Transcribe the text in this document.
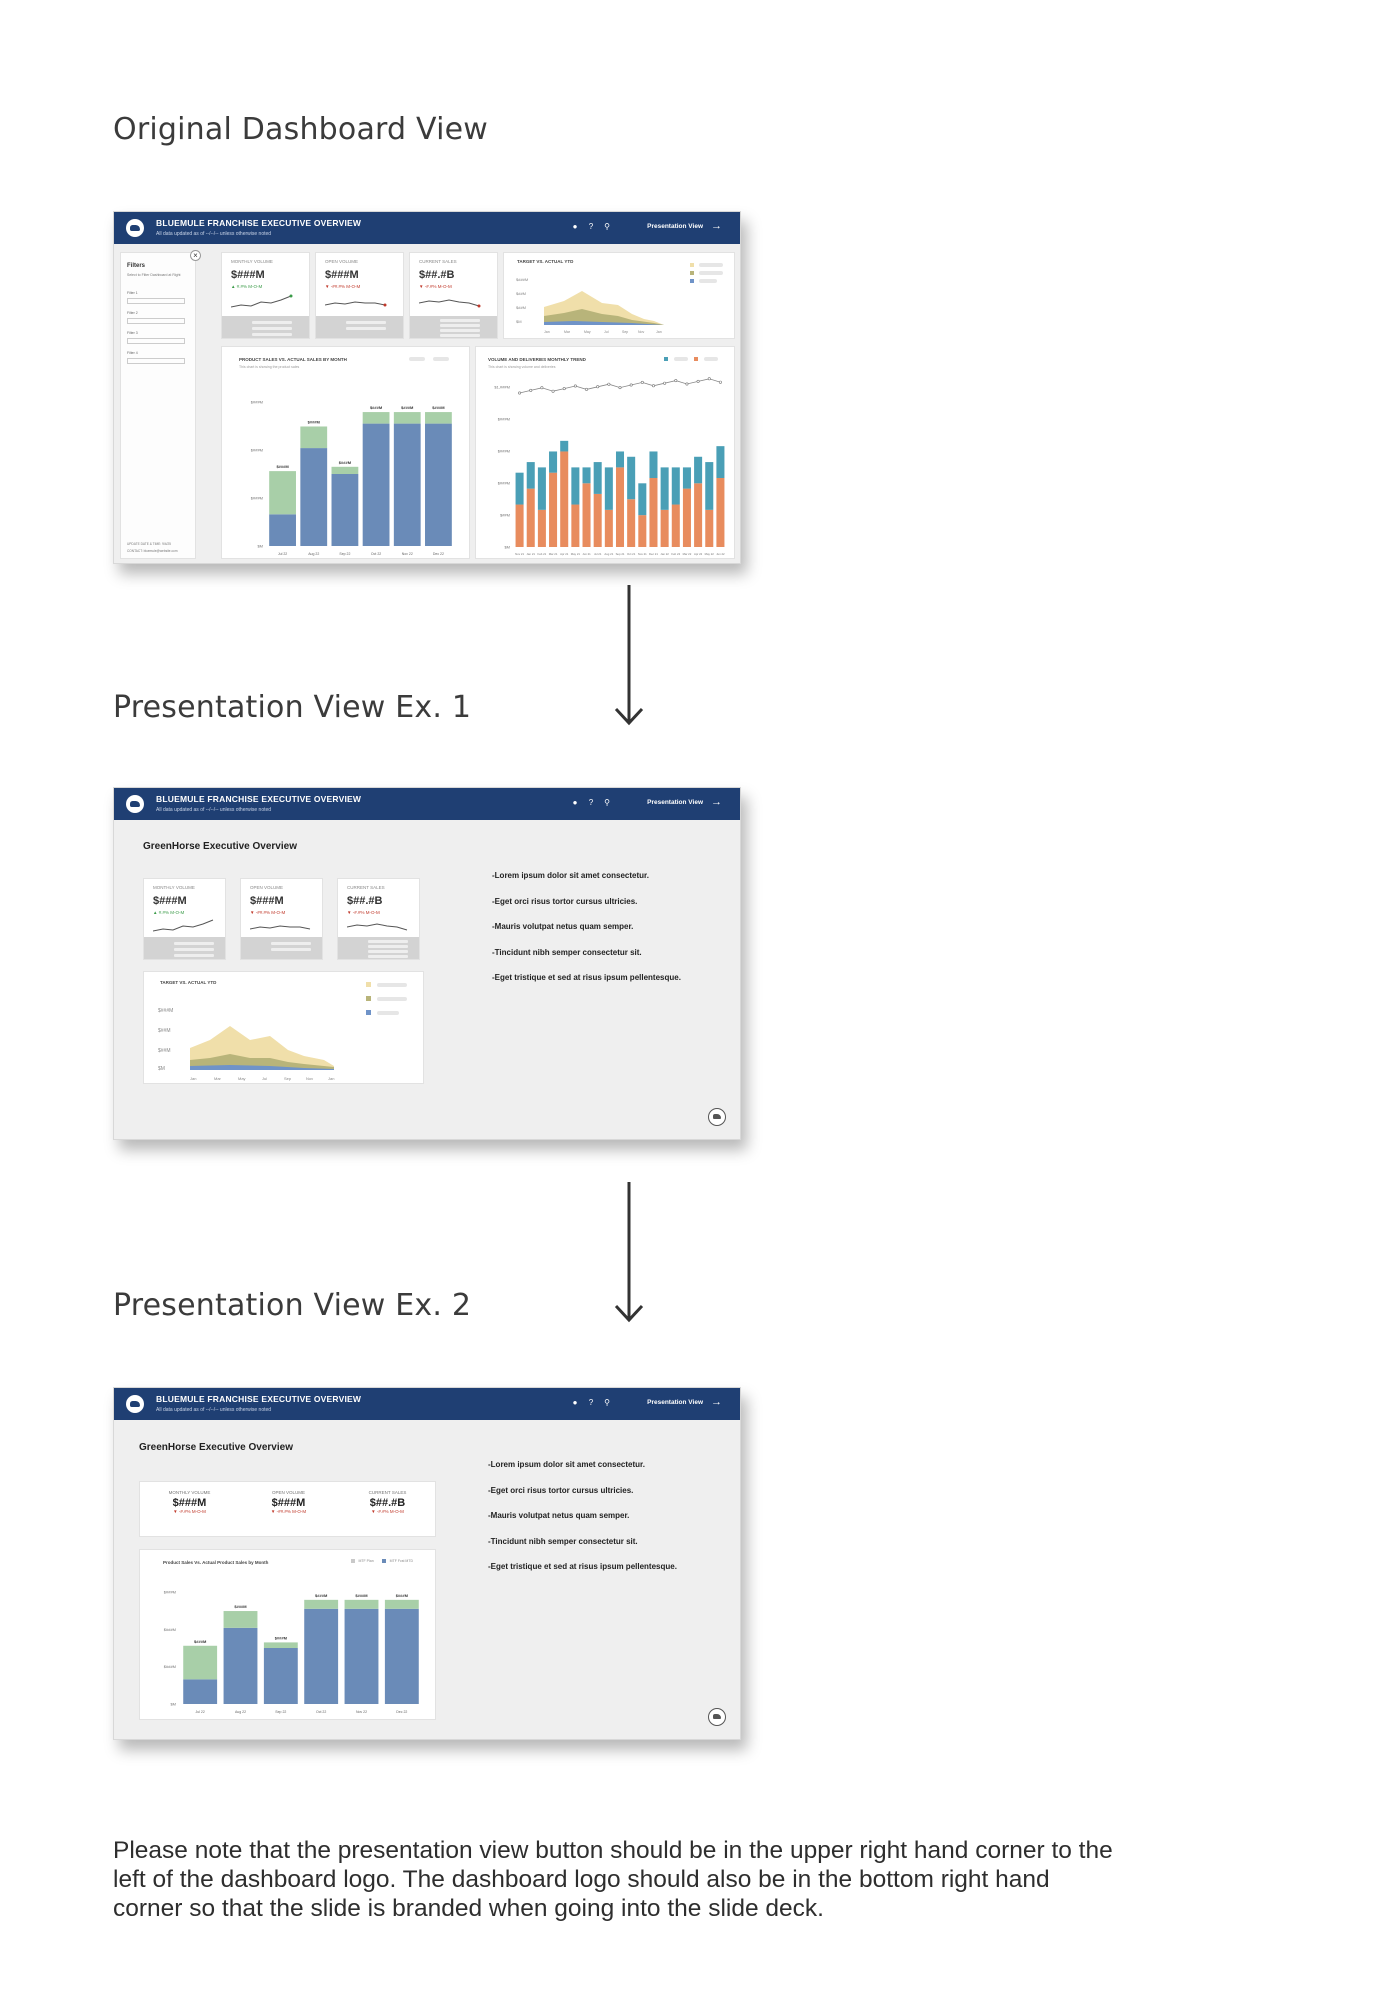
Original Dashboard View
Presentation View Ex. 1
Presentation View Ex. 2
BLUEMULE FRANCHISE EXECUTIVE OVERVIEW
All data updated as of --/--/-- unless otherwise noted
●	?	⚲	Presentation View →
×
Filters
Select to Filter Dashboard at Right
Filter 1
Filter 2
Filter 3
Filter 4
UPDATE DATE & TIME: 9/4/25
CONTACT: bluemule@website.com
MONTHLY VOLUME
$###M
▲ #.#% M-O-M
OPEN VOLUME
$###M
▼ -##.#% M-O-M
CURRENT SALES
$##.#B
▼ -#.#% M-O-M
TARGET VS. ACTUAL YTD
$###M
$##M
$##M
$M
Jan	Mar	May	Jul	Sep	Nov	Jan
PRODUCT SALES VS. ACTUAL SALES BY MONTH
This chart is showing the product sales
$###M
$###M
$###M
$M
$###M
Jul 22
$###M
Aug 22
$###M
Sep 22
$###M
Oct 22
$###M
Nov 22
$###M
Dec 22
VOLUME AND DELIVERIES MONTHLY TREND
This chart is showing volume and deliveries
$1,###M
$###M
$###M
$###M
$##M
$M
Nov 21 Jan 21 Feb 21 Mar 21 Apr 21 May 21 Jun 21 Jul 21 Aug 21 Sep 21 Oct 21 Nov 21 Dec 21 Jan 22 Feb 22 Mar 22 Apr 22 May 22 Jun 22
BLUEMULE FRANCHISE EXECUTIVE OVERVIEW
All data updated as of --/--/-- unless otherwise noted
●	?	⚲	Presentation View →
GreenHorse Executive Overview
MONTHLY VOLUME
$###M
▲ #.#% M-O-M
OPEN VOLUME
$###M
▼ -##.#% M-O-M
CURRENT SALES
$##.#B
▼ -#.#% M-O-M
TARGET VS. ACTUAL YTD
$###M
$##M
$##M
$M
Jan	Mar	May	Jul	Sep	Nov	Jan
-Lorem ipsum dolor sit amet consectetur.
-Eget orci risus tortor cursus ultricies.
-Mauris volutpat netus quam semper.
-Tincidunt nibh semper consectetur sit.
-Eget tristique et sed at risus ipsum pellentesque.
BLUEMULE FRANCHISE EXECUTIVE OVERVIEW
All data updated as of --/--/-- unless otherwise noted
●	?	⚲	Presentation View →
GreenHorse Executive Overview
MONTHLY VOLUME
$###M
▼ -#.#% M-O-M
OPEN VOLUME
$###M
▼ -##.#% M-O-M
CURRENT SALES
$##.#B
▼ -#.#% M-O-M
Product Sales Vs. Actual Product Sales by Month	MTF Plan	MTF Fcst MTD
$###M
$###M
$###M
$M
$###M
Jul 22
$###M
Aug 22
$###M
Sep 22
$###M
Oct 22
$###M
Nov 22
$###M
Dec 22
-Lorem ipsum dolor sit amet consectetur.
-Eget orci risus tortor cursus ultricies.
-Mauris volutpat netus quam semper.
-Tincidunt nibh semper consectetur sit.
-Eget tristique et sed at risus ipsum pellentesque.
Please note that the presentation view button should be in the upper right hand corner to the left of the dashboard logo. The dashboard logo should also be in the bottom right hand corner so that the slide is branded when going into the slide deck.
